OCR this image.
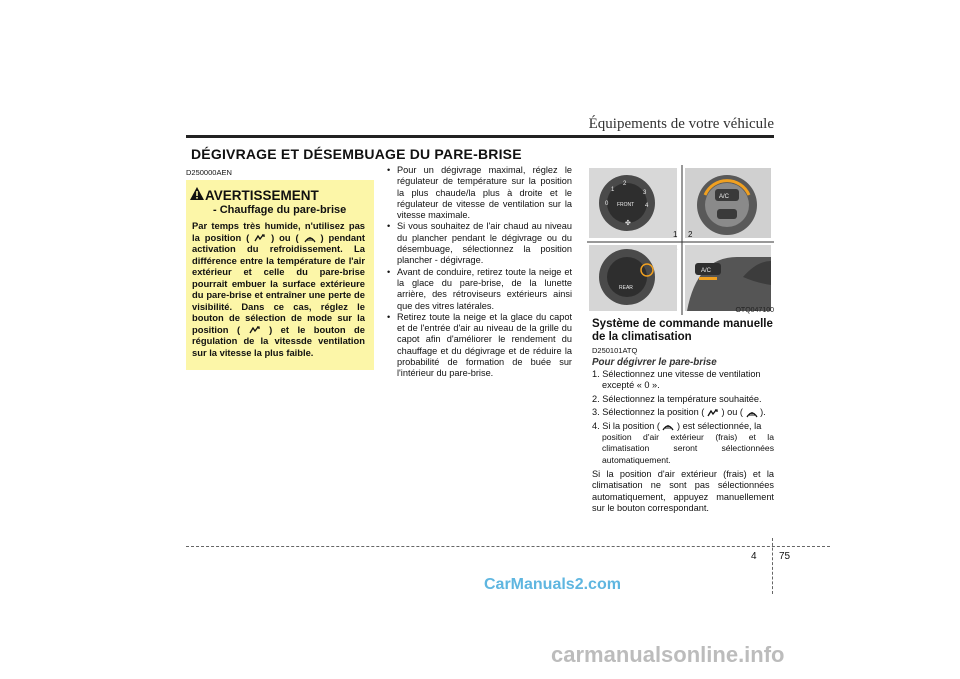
Équipements de votre véhicule
DÉGIVRAGE ET DÉSEMBUAGE DU PARE-BRISE
D250000AEN
AVERTISSEMENT
- Chauffage du pare-brise
Par temps très humide, n'utilisez pas la position ( ) ou ( ) pendant activation du refroidissement. La différence entre la température de l'air extérieur et celle du pare-brise pourrait embuer la surface extérieure du pare-brise et entraîner une perte de visibilité. Dans ce cas, réglez le bouton de sélection de mode sur la position (	) et le bouton de régulation de la vitessde ventilation sur la vitesse la plus faible.
• Pour un dégivrage maximal, réglez le régulateur de température sur la position la plus chaude/la plus à droite et le régulateur de vitesse de ventilation sur la vitesse maximale.
• Si vous souhaitez de l'air chaud au niveau du plancher pendant le dégivrage ou du désembuage, sélectionnez la position plancher - dégivrage.
• Avant de conduire, retirez toute la neige et la glace du pare-brise, de la lunette arrière, des rétroviseurs extérieurs ainsi que des vitres latérales.
• Retirez toute la neige et la glace du capot et de l'entrée d'air au niveau de la grille du capot afin d'améliorer le rendement du chauffage et du dégivrage et de réduire la probabilité de formation de buée sur l'intérieur du pare-brise.
FRONT
0
2
3
4
1
✤
A/C
1 2
REAR
A/C
OTQ047100
Système de commande manuelle de la climatisation
D250101ATQ
Pour dégivrer le pare-brise
1. Sélectionnez une vitesse de ventilation
excepté « 0 ».
2. Sélectionnez la température souhaitée.
3. Sélectionnez la position ( ) ou ( ).
4. Si la position ( ) est sélectionnée, la
position d'air extérieur (frais) et la climatisation seront sélectionnées automatiquement.
Si la position d'air extérieur (frais) et la climatisation ne sont pas sélectionnées automatiquement, appuyez manuellement sur le bouton correspondant.
4 75
CarManuals2.com
carmanualsonline.info
